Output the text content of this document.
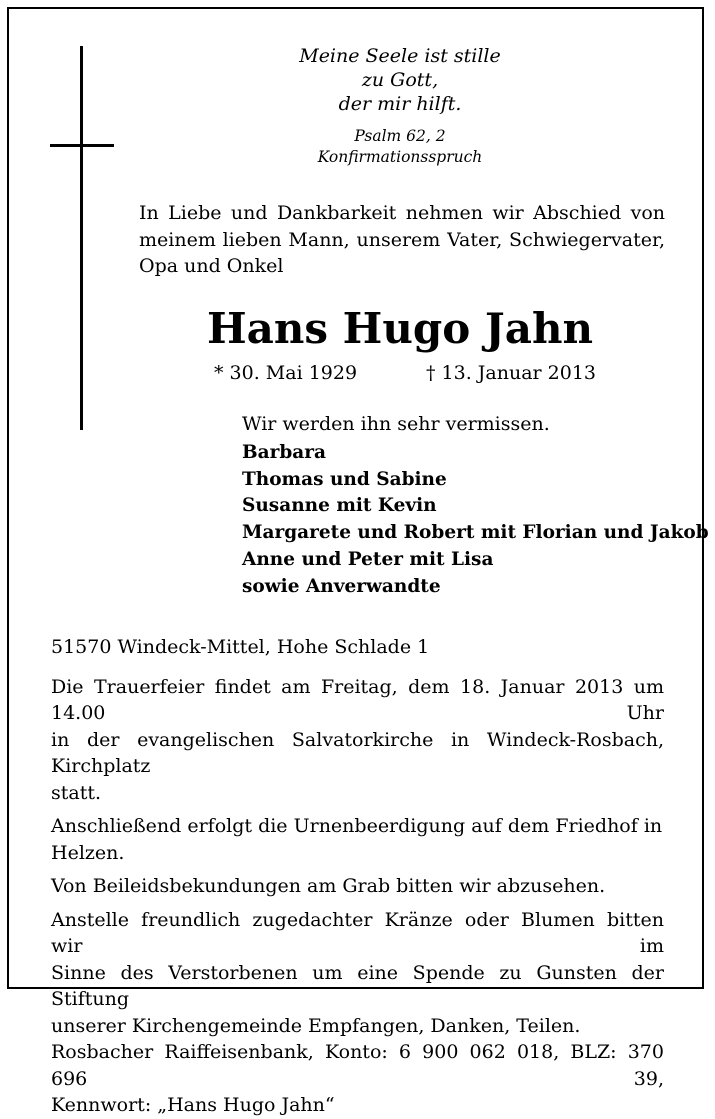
Meine Seele ist stille
zu Gott,
der mir hilft.
Psalm 62, 2
Konfirmationsspruch
In Liebe und Dankbarkeit nehmen wir Abschied von
meinem lieben Mann, unserem Vater, Schwiegervater,
Opa und Onkel
Hans Hugo Jahn
* 30. Mai 1929	† 13. Januar 2013
Wir werden ihn sehr vermissen.
Barbara
Thomas und Sabine
Susanne mit Kevin
Margarete und Robert mit Florian und Jakob
Anne und Peter mit Lisa
sowie Anverwandte

51570 Windeck-Mittel, Hohe Schlade 1

Die Trauerfeier findet am Freitag, dem 18. Januar 2013 um 14.00 Uhr
in der evangelischen Salvatorkirche in Windeck-Rosbach, Kirchplatz
statt.

Anschließend erfolgt die Urnenbeerdigung auf dem Friedhof in Helzen.

Von Beileidsbekundungen am Grab bitten wir abzusehen.

Anstelle freundlich zugedachter Kränze oder Blumen bitten wir im
Sinne des Verstorbenen um eine Spende zu Gunsten der Stiftung
unserer Kirchengemeinde Empfangen, Danken, Teilen.
Rosbacher Raiffeisenbank, Konto: 6 900 062 018, BLZ: 370 696 39,
Kennwort: „Hans Hugo Jahn“
